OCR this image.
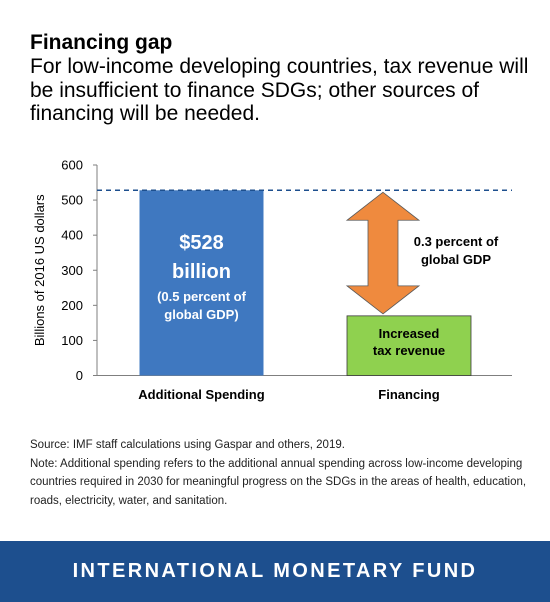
Financing gap
For low-income developing countries, tax revenue will be insufficient to finance SDGs; other sources of financing will be needed.
0
100
200
300
400
500
600
Billions of 2016 US dollars
Additional Spending	Financing
$528
billion
(0.5 percent of
global GDP)
Increased
tax revenue
0.3 percent of
global GDP
Source: IMF staff calculations using Gaspar and others, 2019.
Note: Additional spending refers to the additional annual spending across low-income developing countries required in 2030 for meaningful progress on the SDGs in the areas of health, education, roads, electricity, water, and sanitation.
INTERNATIONAL MONETARY FUND
